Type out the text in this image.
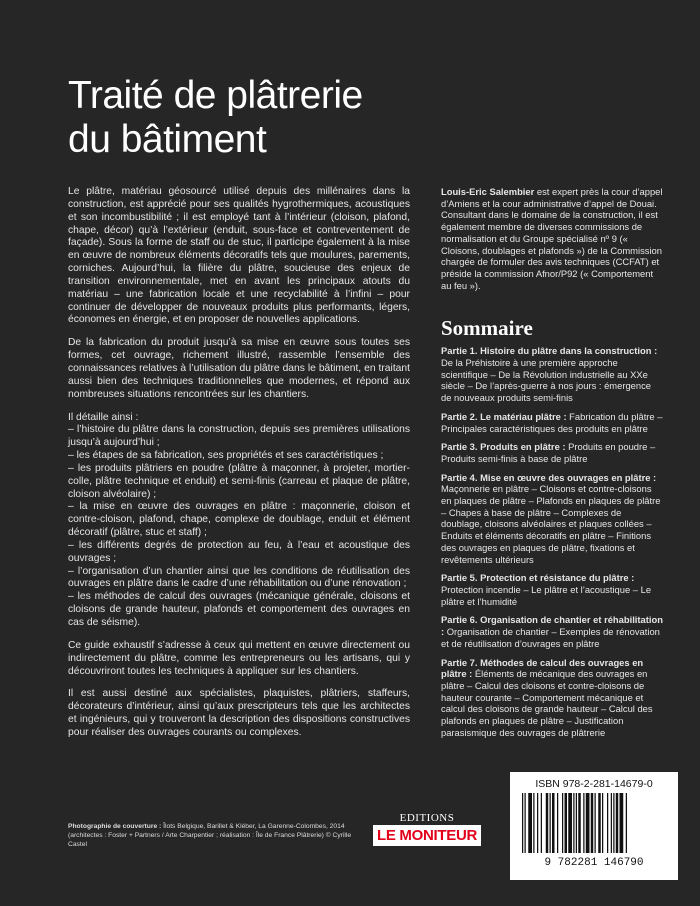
Traité de plâtrerie
du bâtiment

Le plâtre, matériau géosourcé utilisé depuis des millénaires dans la construction, est apprécié pour ses qualités hygrothermiques, acoustiques et son incombustibilité ; il est employé tant à l’intérieur (cloison, plafond, chape, décor) qu’à l’extérieur (enduit, sous-face et contreventement de façade). Sous la forme de staff ou de stuc, il participe également à la mise en œuvre de nombreux éléments décoratifs tels que moulures, parements, corniches. Aujourd’hui, la filière du plâtre, soucieuse des enjeux de transition environnementale, met en avant les principaux atouts du matériau – une fabrication locale et une recyclabilité à l’infini – pour continuer de développer de nouveaux produits plus performants, légers, économes en énergie, et en proposer de nouvelles applications.

De la fabrication du produit jusqu’à sa mise en œuvre sous toutes ses formes, cet ouvrage, richement illustré, rassemble l’ensemble des connaissances relatives à l’utilisation du plâtre dans le bâtiment, en traitant aussi bien des techniques traditionnelles que modernes, et répond aux nombreuses situations rencontrées sur les chantiers.

Il détaille ainsi :

– l’histoire du plâtre dans la construction, depuis ses premières utilisations jusqu’à aujourd’hui ;
– les étapes de sa fabrication, ses propriétés et ses caractéristiques ;
– les produits plâtriers en poudre (plâtre à maçonner, à projeter, mortier-colle, plâtre technique et enduit) et semi-finis (carreau et plaque de plâtre, cloison alvéolaire) ;
– la mise en œuvre des ouvrages en plâtre : maçonnerie, cloison et contre-cloison, plafond, chape, complexe de doublage, enduit et élément décoratif (plâtre, stuc et staff) ;
– les différents degrés de protection au feu, à l’eau et acoustique des ouvrages ;
– l’organisation d’un chantier ainsi que les conditions de réutilisation des ouvrages en plâtre dans le cadre d’une réhabilitation ou d’une rénovation ;
– les méthodes de calcul des ouvrages (mécanique générale, cloisons et cloisons de grande hauteur, plafonds et comportement des ouvrages en cas de séisme).

Ce guide exhaustif s’adresse à ceux qui mettent en œuvre directement ou indirectement du plâtre, comme les entrepreneurs ou les artisans, qui y découvriront toutes les techniques à appliquer sur les chantiers.

Il est aussi destiné aux spécialistes, plaquistes, plâtriers, staffeurs, décorateurs d’intérieur, ainsi qu’aux prescripteurs tels que les architectes et ingénieurs, qui y trouveront la description des dispositions constructives pour réaliser des ouvrages courants ou complexes.

Louis-Eric Salembier est expert près la cour d’appel d’Amiens et la cour administrative d’appel de Douai. Consultant dans le domaine de la construction, il est également membre de diverses commissions de normalisation et du Groupe spécialisé nº 9 (« Cloisons, doublages et plafonds ») de la Commission chargée de formuler des avis techniques (CCFAT) et préside la commission Afnor/P92 (« Comportement au feu »).

Sommaire
Partie 1. Histoire du plâtre dans la construction : De la Préhistoire à une première approche scientifique – De la Révolution industrielle au XXe siècle – De l’après-guerre à nos jours : émergence de nouveaux produits semi-finis
Partie 2. Le matériau plâtre : Fabrication du plâtre – Principales caractéristiques des produits en plâtre
Partie 3. Produits en plâtre : Produits en poudre – Produits semi-finis à base de plâtre
Partie 4. Mise en œuvre des ouvrages en plâtre : Maçonnerie en plâtre – Cloisons et contre-cloisons en plaques de plâtre – Plafonds en plaques de plâtre – Chapes à base de plâtre – Complexes de doublage, cloisons alvéolaires et plaques collées – Enduits et éléments décoratifs en plâtre – Finitions des ouvrages en plaques de plâtre, fixations et revêtements ultérieurs
Partie 5. Protection et résistance du plâtre : Protection incendie – Le plâtre et l’acoustique – Le plâtre et l’humidité
Partie 6. Organisation de chantier et réhabilitation : Organisation de chantier – Exemples de rénovation et de réutilisation d’ouvrages en plâtre
Partie 7. Méthodes de calcul des ouvrages en plâtre : Éléments de mécanique des ouvrages en plâtre – Calcul des cloisons et contre-cloisons de hauteur courante – Comportement mécanique et calcul des cloisons de grande hauteur – Calcul des plafonds en plaques de plâtre – Justification parasismique des ouvrages de plâtrerie
Photographie de couverture : Îlots Belgique, Barillet & Kléber, La Garenne-Colombes, 2014 (architectes : Foster + Partners / Arte Charpentier ; réalisation : Île de France Plâtrerie) © Cyrille Castel
EDITIONS
LE MONITEUR
ISBN 978-2-281-14679-0
9 782281 146790
